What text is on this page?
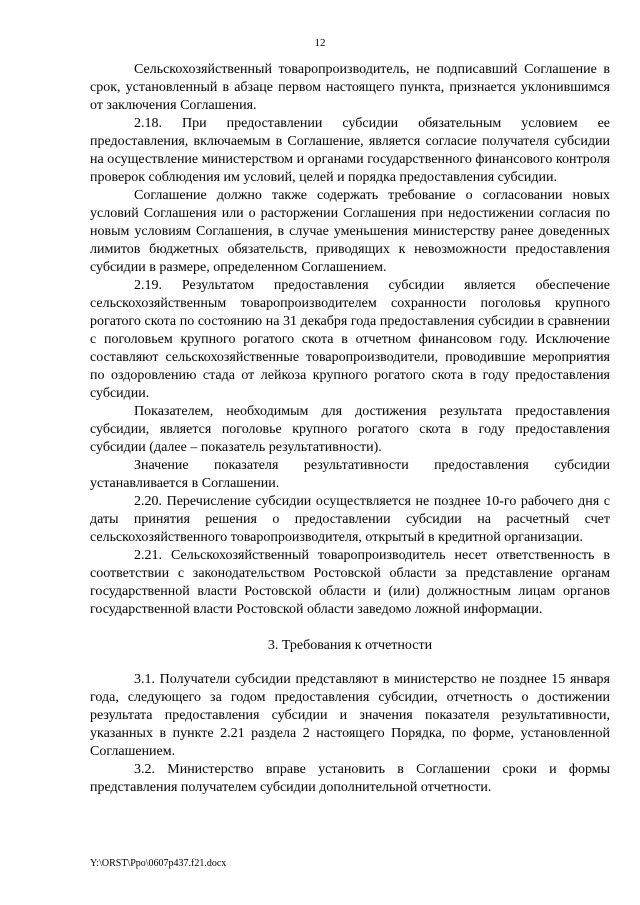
12

Сельскохозяйственный товаропроизводитель, не подписавший Соглашение в срок, установленный в абзаце первом настоящего пункта, признается уклонившимся от заключения Соглашения.

2.18. При предоставлении субсидии обязательным условием ее предоставления, включаемым в Соглашение, является согласие получателя субсидии на осуществление министерством и органами государственного финансового контроля проверок соблюдения им условий, целей и порядка предоставления субсидии.

Соглашение должно также содержать требование о согласовании новых условий Соглашения или о расторжении Соглашения при недостижении согласия по новым условиям Соглашения, в случае уменьшения министерству ранее доведенных лимитов бюджетных обязательств, приводящих к невозможности предоставления субсидии в размере, определенном Соглашением.

2.19. Результатом предоставления субсидии является обеспечение сельскохозяйственным товаропроизводителем сохранности поголовья крупного рогатого скота по состоянию на 31 декабря года предоставления субсидии в сравнении с поголовьем крупного рогатого скота в отчетном финансовом году. Исключение составляют сельскохозяйственные товаропроизводители, проводившие мероприятия по оздоровлению стада от лейкоза крупного рогатого скота в году предоставления субсидии.

Показателем, необходимым для достижения результата предоставления субсидии, является поголовье крупного рогатого скота в году предоставления субсидии (далее – показатель результативности).

Значение показателя результативности предоставления субсидии устанавливается в Соглашении.

2.20. Перечисление субсидии осуществляется не позднее 10-го рабочего дня с даты принятия решения о предоставлении субсидии на расчетный счет сельскохозяйственного товаропроизводителя, открытый в кредитной организации.

2.21. Сельскохозяйственный товаропроизводитель несет ответственность в соответствии с законодательством Ростовской области за представление органам государственной власти Ростовской области и (или) должностным лицам органов государственной власти Ростовской области заведомо ложной информации.

3. Требования к отчетности

3.1. Получатели субсидии представляют в министерство не позднее 15 января года, следующего за годом предоставления субсидии, отчетность о достижении результата предоставления субсидии и значения показателя результативности, указанных в пункте 2.21 раздела 2 настоящего Порядка, по форме, установленной Соглашением.

3.2. Министерство вправе установить в Соглашении сроки и формы представления получателем субсидии дополнительной отчетности.

Y:\ORST\Ppo\0607p437.f21.docx
